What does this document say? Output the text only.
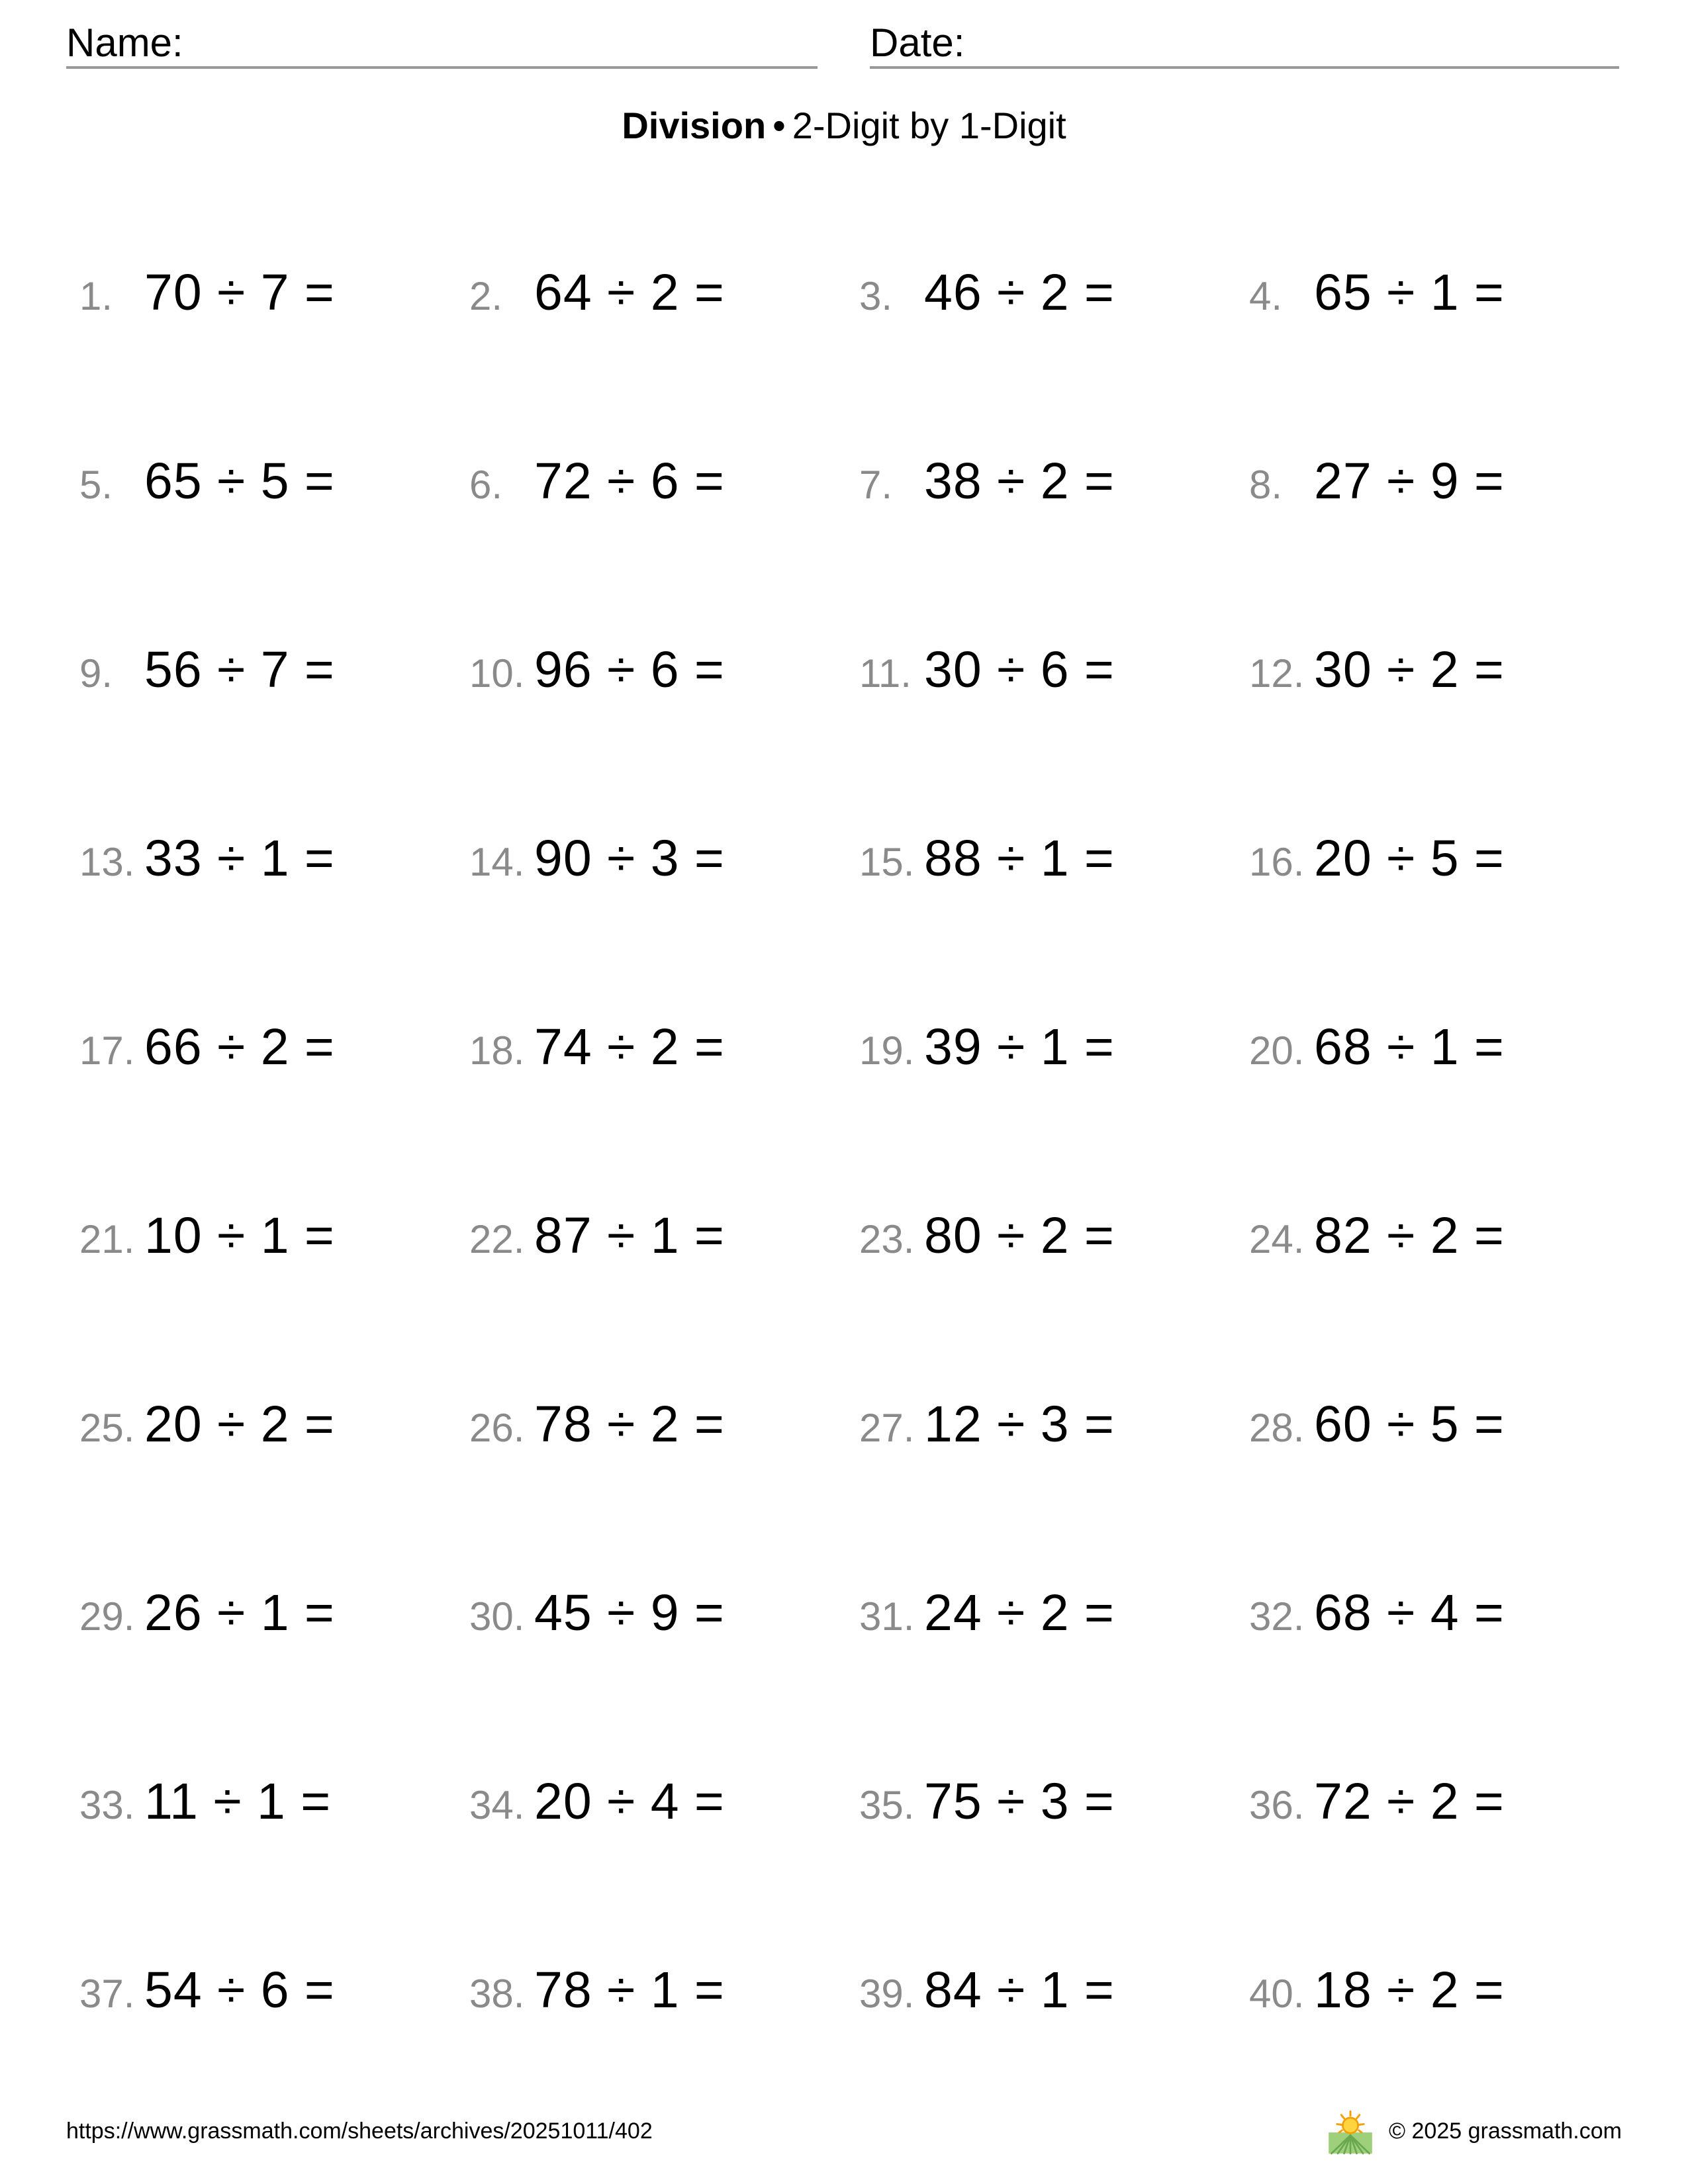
Name:	Date:
Division • 2-Digit by 1-Digit
1. 70 ÷ 7 =	2. 64 ÷ 2 =	3. 46 ÷ 2 =	4. 65 ÷ 1 =
5. 65 ÷ 5 =	6. 72 ÷ 6 =	7. 38 ÷ 2 =	8. 27 ÷ 9 =
9. 56 ÷ 7 =	10. 96 ÷ 6 =	11. 30 ÷ 6 =	12. 30 ÷ 2 =
13. 33 ÷ 1 =	14. 90 ÷ 3 =	15. 88 ÷ 1 =	16. 20 ÷ 5 =
17. 66 ÷ 2 =	18. 74 ÷ 2 =	19. 39 ÷ 1 =	20. 68 ÷ 1 =
21. 10 ÷ 1 =	22. 87 ÷ 1 =	23. 80 ÷ 2 =	24. 82 ÷ 2 =
25. 20 ÷ 2 =	26. 78 ÷ 2 =	27. 12 ÷ 3 =	28. 60 ÷ 5 =
29. 26 ÷ 1 =	30. 45 ÷ 9 =	31. 24 ÷ 2 =	32. 68 ÷ 4 =
33. 11 ÷ 1 =	34. 20 ÷ 4 =	35. 75 ÷ 3 =	36. 72 ÷ 2 =
37. 54 ÷ 6 =	38. 78 ÷ 1 =	39. 84 ÷ 1 =	40. 18 ÷ 2 =
https://www.grassmath.com/sheets/archives/20251011/402	© 2025 grassmath.com
